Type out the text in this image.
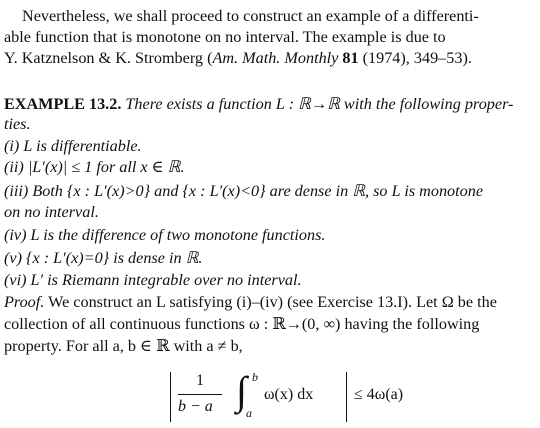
Nevertheless, we shall proceed to construct an example of a differenti-
able function that is monotone on no interval. The example is due to
Y. Katznelson & K. Stromberg (Am. Math. Monthly 81 (1974), 349–53).
EXAMPLE 13.2. There exists a function L : ℝ→ℝ with the following proper-
ties.
(i) L is differentiable.
(ii) |L′(x)| ≤ 1 for all x ∈ ℝ.
(iii) Both {x : L′(x)>0} and {x : L′(x)<0} are dense in ℝ, so L is monotone
on no interval.
(iv) L is the difference of two monotone functions.
(v) {x : L′(x)=0} is dense in ℝ.
(vi) L′ is Riemann integrable over no interval.
Proof. We construct an L satisfying (i)–(iv) (see Exercise 13.I). Let Ω be the
collection of all continuous functions ω : ℝ→(0, ∞) having the following
property. For all a, b ∈ ℝ with a ≠ b,
1
b − a ∫ b
a
ω(x) dx	≤ 4ω(a)
